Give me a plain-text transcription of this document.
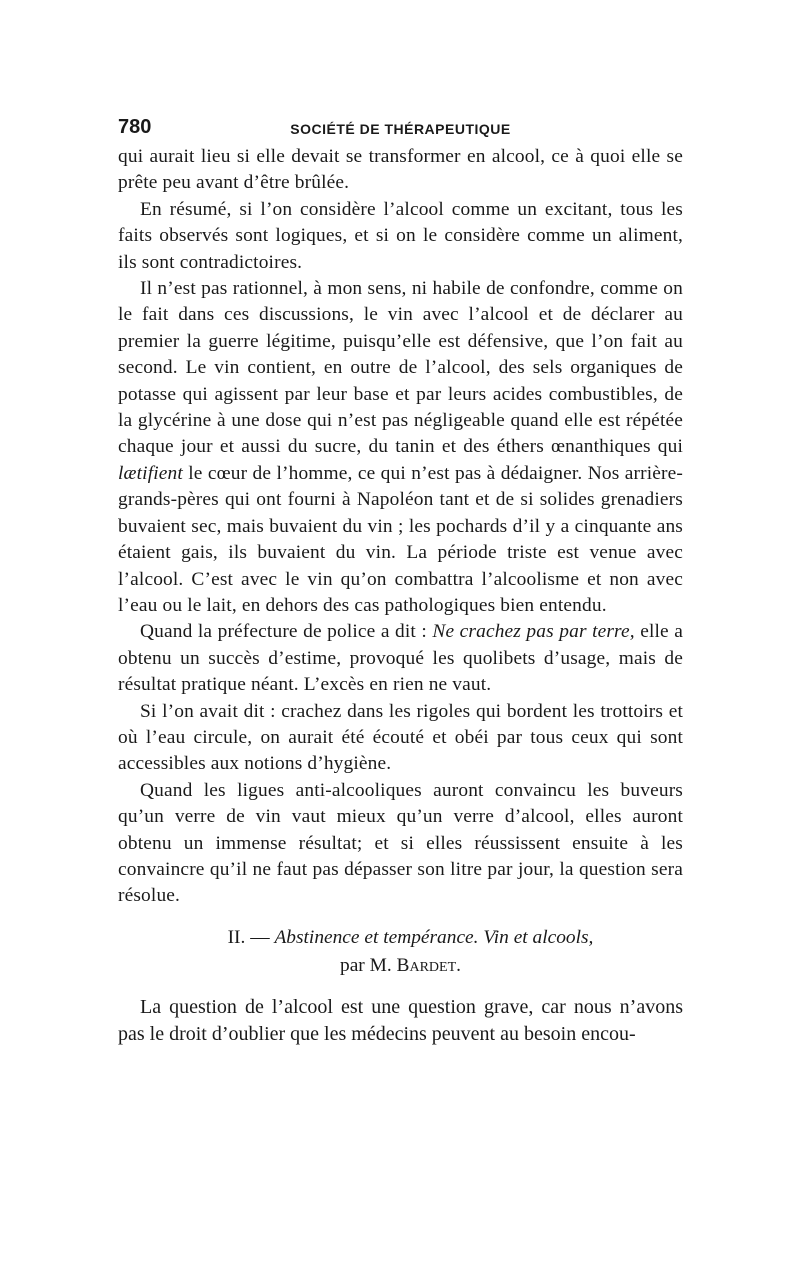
780	SOCIÉTÉ DE THÉRAPEUTIQUE

qui aurait lieu si elle devait se transformer en alcool, ce à quoi elle se prête peu avant d’être brûlée.

En résumé, si l’on considère l’alcool comme un excitant, tous les faits observés sont logiques, et si on le considère comme un aliment, ils sont contradictoires.

Il n’est pas rationnel, à mon sens, ni habile de confondre, comme on le fait dans ces discussions, le vin avec l’alcool et de déclarer au premier la guerre légitime, puisqu’elle est défensive, que l’on fait au second. Le vin contient, en outre de l’alcool, des sels organiques de potasse qui agissent par leur base et par leurs acides combustibles, de la glycérine à une dose qui n’est pas négligeable quand elle est répétée chaque jour et aussi du sucre, du tanin et des éthers œnanthiques qui lætifient le cœur de l’homme, ce qui n’est pas à dédaigner. Nos arrière-grands-pères qui ont fourni à Napoléon tant et de si solides grenadiers buvaient sec, mais buvaient du vin ; les pochards d’il y a cinquante ans étaient gais, ils buvaient du vin. La période triste est venue avec l’alcool. C’est avec le vin qu’on combattra l’alcoolisme et non avec l’eau ou le lait, en dehors des cas pathologiques bien entendu.

Quand la préfecture de police a dit : Ne crachez pas par terre, elle a obtenu un succès d’estime, provoqué les quolibets d’usage, mais de résultat pratique néant. L’excès en rien ne vaut.

Si l’on avait dit : crachez dans les rigoles qui bordent les trottoirs et où l’eau circule, on aurait été écouté et obéi par tous ceux qui sont accessibles aux notions d’hygiène.

Quand les ligues anti-alcooliques auront convaincu les buveurs qu’un verre de vin vaut mieux qu’un verre d’alcool, elles auront obtenu un immense résultat; et si elles réussissent ensuite à les convaincre qu’il ne faut pas dépasser son litre par jour, la question sera résolue.

II. — Abstinence et tempérance. Vin et alcools,
par M. Bardet.

La question de l’alcool est une question grave, car nous n’avons pas le droit d’oublier que les médecins peuvent au besoin encou-
